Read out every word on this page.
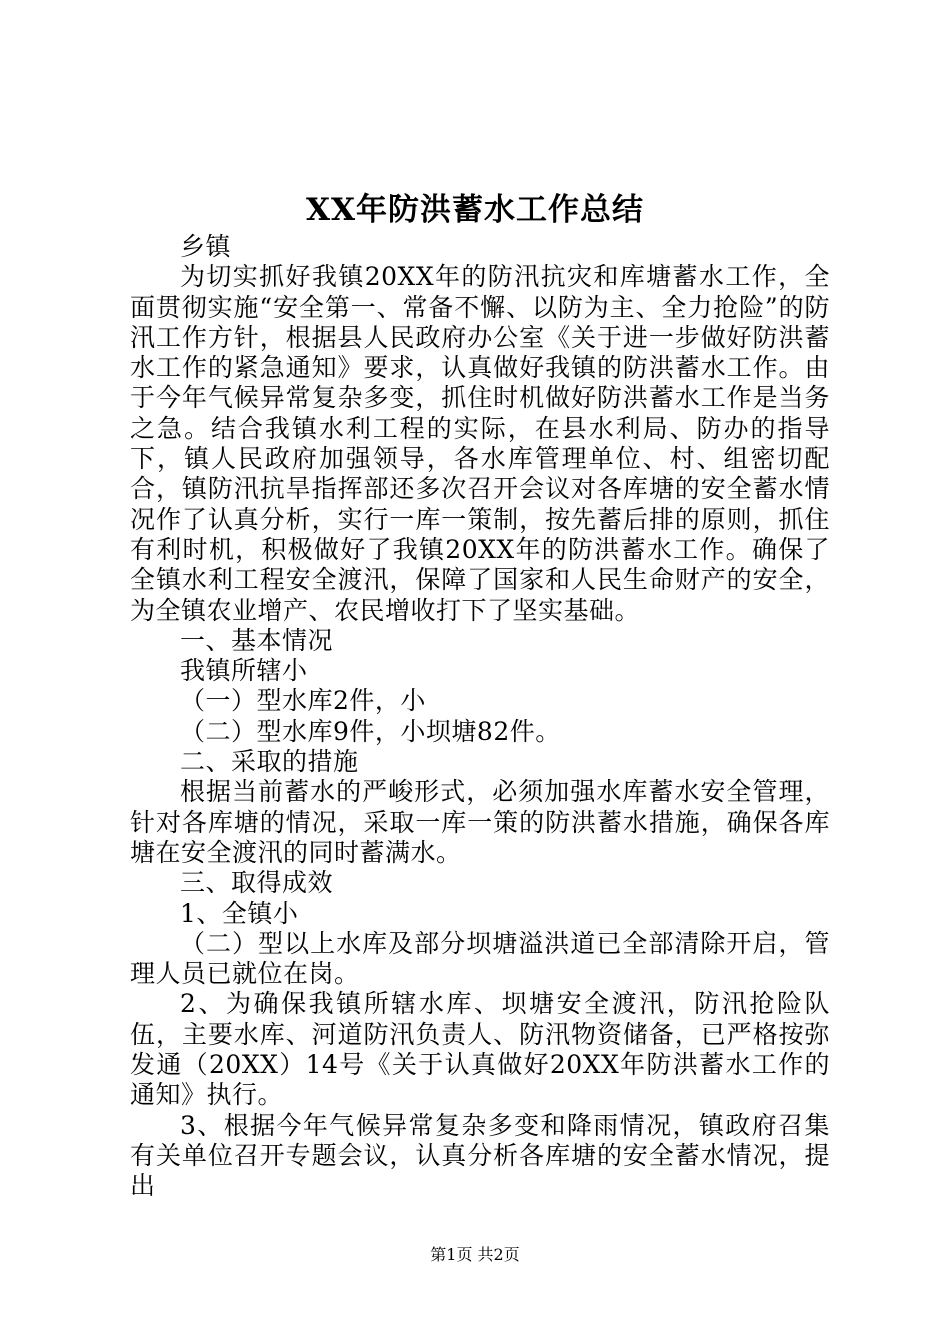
XX年防洪蓄水工作总结

乡镇

为切实抓好我镇20XX年的防汛抗灾和库塘蓄水工作，全面贯彻实施“安全第一、常备不懈、以防为主、全力抢险”的防汛工作方针，根据县人民政府办公室《关于进一步做好防洪蓄水工作的紧急通知》要求，认真做好我镇的防洪蓄水工作。由于今年气候异常复杂多变，抓住时机做好防洪蓄水工作是当务之急。结合我镇水利工程的实际，在县水利局、防办的指导下，镇人民政府加强领导，各水库管理单位、村、组密切配合，镇防汛抗旱指挥部还多次召开会议对各库塘的安全蓄水情况作了认真分析，实行一库一策制，按先蓄后排的原则，抓住有利时机，积极做好了我镇20XX年的防洪蓄水工作。确保了全镇水利工程安全渡汛，保障了国家和人民生命财产的安全，为全镇农业增产、农民增收打下了坚实基础。

一、基本情况

我镇所辖小

（一）型水库2件，小

（二）型水库9件，小坝塘82件。

二、采取的措施

根据当前蓄水的严峻形式，必须加强水库蓄水安全管理，针对各库塘的情况，采取一库一策的防洪蓄水措施，确保各库塘在安全渡汛的同时蓄满水。

三、取得成效

1、全镇小

（二）型以上水库及部分坝塘溢洪道已全部清除开启，管理人员已就位在岗。

2、为确保我镇所辖水库、坝塘安全渡汛，防汛抢险队伍，主要水库、河道防汛负责人、防汛物资储备，已严格按弥发通（20XX）14号《关于认真做好20XX年防洪蓄水工作的通知》执行。

3、根据今年气候异常复杂多变和降雨情况，镇政府召集有关单位召开专题会议，认真分析各库塘的安全蓄水情况，提出

第1页 共2页
